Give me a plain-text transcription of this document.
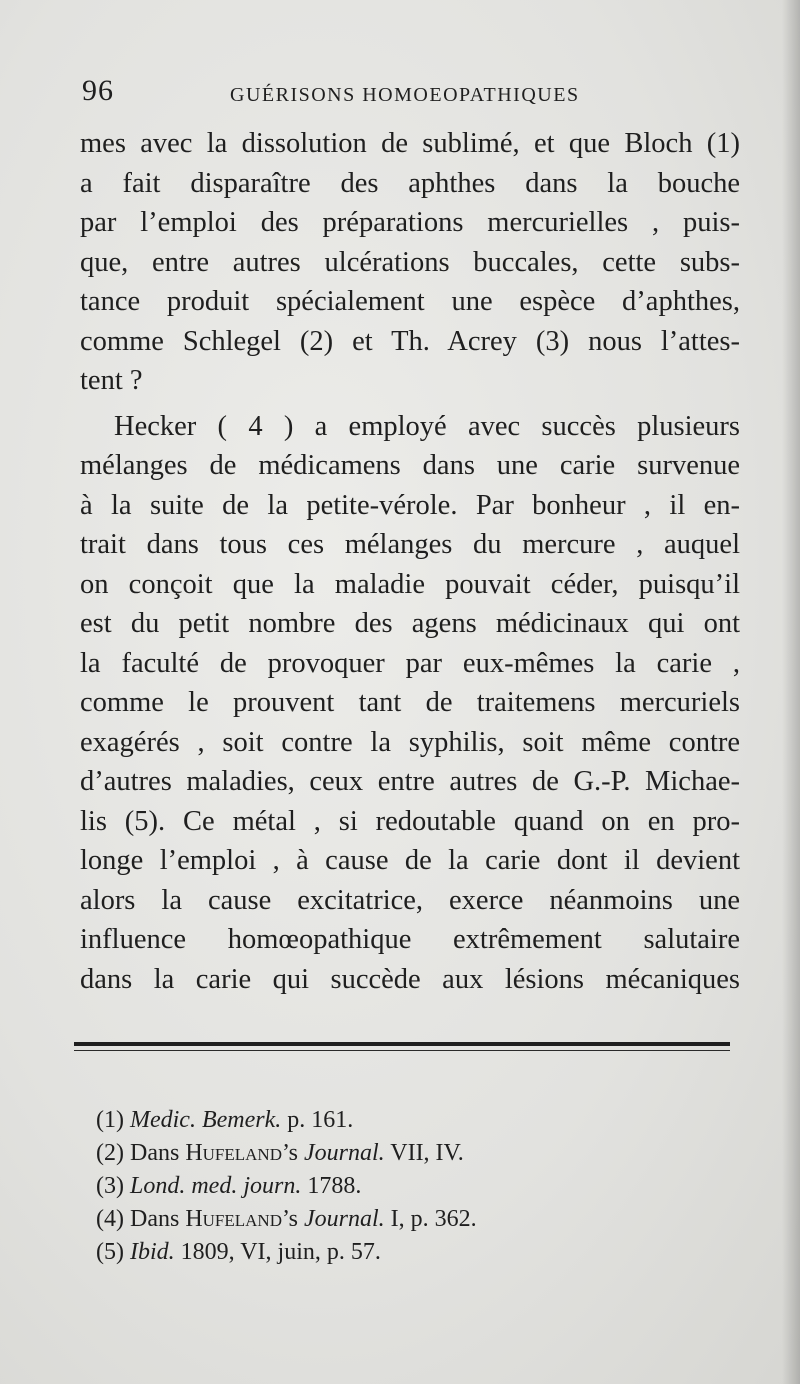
96	GUÉRISONS HOMOEOPATHIQUES
mes avec la dissolution de sublimé, et que Bloch (1)
a fait disparaître des aphthes dans la bouche
par l’emploi des préparations mercurielles , puis-
que, entre autres ulcérations buccales, cette subs-
tance produit spécialement une espèce d’aphthes,
comme Schlegel (2) et Th. Acrey (3) nous l’attes-
tent ?
Hecker ( 4 ) a employé avec succès plusieurs
mélanges de médicamens dans une carie survenue
à la suite de la petite-vérole. Par bonheur , il en-
trait dans tous ces mélanges du mercure , auquel
on conçoit que la maladie pouvait céder, puisqu’il
est du petit nombre des agens médicinaux qui ont
la faculté de provoquer par eux-mêmes la carie ,
comme le prouvent tant de traitemens mercuriels
exagérés , soit contre la syphilis, soit même contre
d’autres maladies, ceux entre autres de G.-P. Michae-
lis (5). Ce métal , si redoutable quand on en pro-
longe l’emploi , à cause de la carie dont il devient
alors la cause excitatrice, exerce néanmoins une
influence homœopathique extrêmement salutaire
dans la carie qui succède aux lésions mécaniques
(1) Medic. Bemerk. p. 161.
(2) Dans Hufeland’s Journal. VII, IV.
(3) Lond. med. journ. 1788.
(4) Dans Hufeland’s Journal. I, p. 362.
(5) Ibid. 1809, VI, juin, p. 57.
